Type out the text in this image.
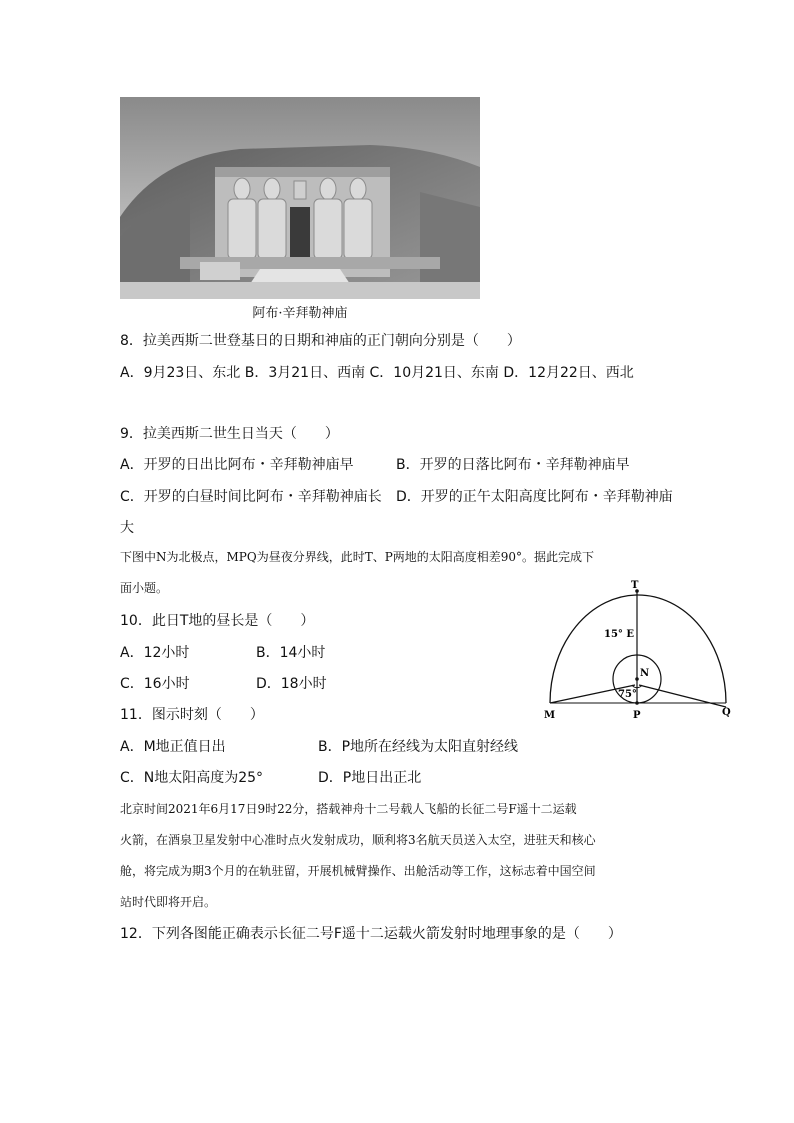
阿布·辛拜勒神庙
8．拉美西斯二世登基日的日期和神庙的正门朝向分别是（　　）
A．9月23日、东北 B．3月21日、西南 C．10月21日、东南 D．12月22日、西北
9．拉美西斯二世生日当天（　　）
A．开罗的日出比阿布・辛拜勒神庙早	B．开罗的日落比阿布・辛拜勒神庙早
C．开罗的白昼时间比阿布・辛拜勒神庙长 D．开罗的正午太阳高度比阿布・辛拜勒神庙
大
下图中N为北极点，MPQ为昼夜分界线，此时T、P两地的太阳高度相差90°。据此完成下
面小题。
10．此日T地的昼长是（　　）
A．12小时	B．14小时
C．16小时	D．18小时
11．图示时刻（　　）
A．M地正值日出	B．P地所在经线为太阳直射经线
C．N地太阳高度为25°	D．P地日出正北
T
15° E
N
75°
M	P	Q
北京时间2021年6月17日9时22分，搭载神舟十二号载人飞船的长征二号F遥十二运载
火箭，在酒泉卫星发射中心准时点火发射成功，顺利将3名航天员送入太空，进驻天和核心
舱，将完成为期3个月的在轨驻留，开展机械臂操作、出舱活动等工作，这标志着中国空间
站时代即将开启。
12．下列各图能正确表示长征二号F遥十二运载火箭发射时地理事象的是（　　）
